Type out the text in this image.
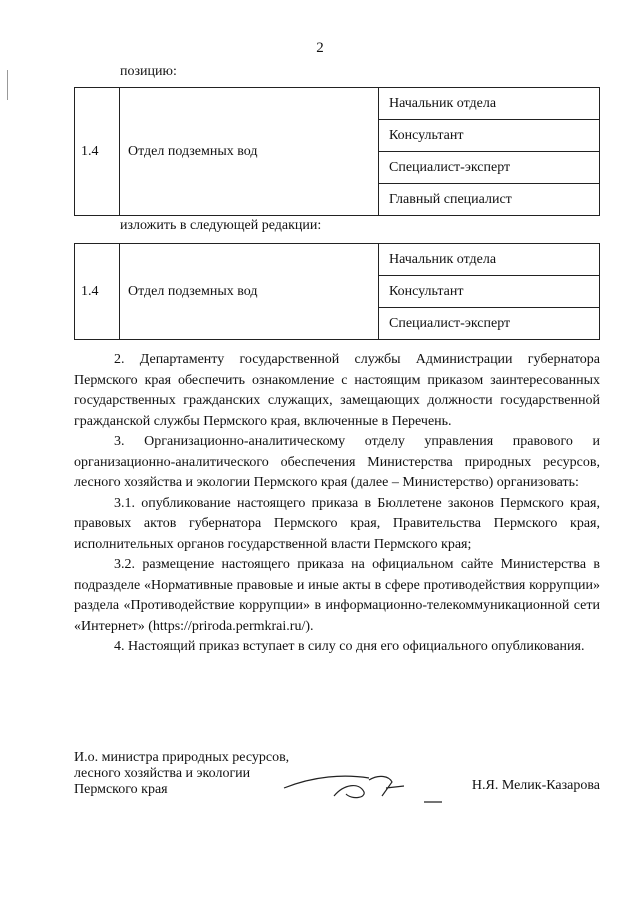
2
позицию:
1.4	Отдел подземных вод	Начальник отдела
Консультант
Специалист-эксперт
Главный специалист
изложить в следующей редакции:
1.4	Отдел подземных вод	Начальник отдела
Консультант
Специалист-эксперт

2. Департаменту государственной службы Администрации губернатора Пермского края обеспечить ознакомление с настоящим приказом заинтересованных государственных гражданских служащих, замещающих должности государственной гражданской службы Пермского края, включенные в Перечень.

3. Организационно-аналитическому отделу управления правового и организационно-аналитического обеспечения Министерства природных ресурсов, лесного хозяйства и экологии Пермского края (далее – Министерство) организовать:

3.1. опубликование настоящего приказа в Бюллетене законов Пермского края, правовых актов губернатора Пермского края, Правительства Пермского края, исполнительных органов государственной власти Пермского края;

3.2. размещение настоящего приказа на официальном сайте Министерства в подразделе «Нормативные правовые и иные акты в сфере противодействия коррупции» раздела «Противодействие коррупции» в информационно-телекоммуникационной сети «Интернет» (https://priroda.permkrai.ru/).

4. Настоящий приказ вступает в силу со дня его официального опубликования.

И.о. министра природных ресурсов,
лесного хозяйства и экологии
Пермского края	Н.Я. Мелик-Казарова
